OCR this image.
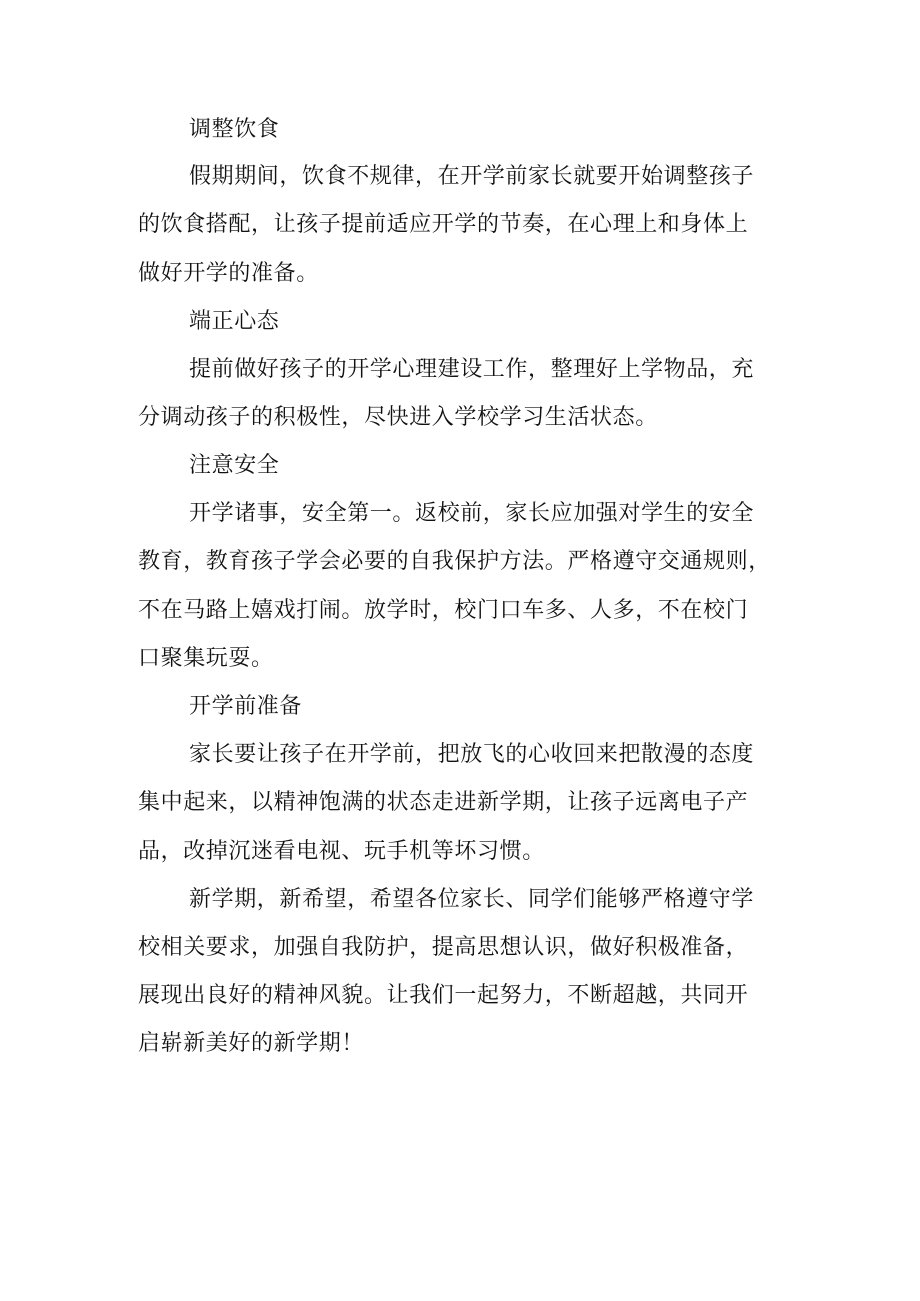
调整饮食
假期期间，饮食不规律，在开学前家长就要开始调整孩子
的饮食搭配，让孩子提前适应开学的节奏，在心理上和身体上
做好开学的准备。
端正心态
提前做好孩子的开学心理建设工作，整理好上学物品，充
分调动孩子的积极性，尽快进入学校学习生活状态。
注意安全
开学诸事，安全第一。返校前，家长应加强对学生的安全
教育，教育孩子学会必要的自我保护方法。严格遵守交通规则，
不在马路上嬉戏打闹。放学时，校门口车多、人多，不在校门
口聚集玩耍。
开学前准备
家长要让孩子在开学前，把放飞的心收回来把散漫的态度
集中起来，以精神饱满的状态走进新学期，让孩子远离电子产
品，改掉沉迷看电视、玩手机等坏习惯。
新学期，新希望，希望各位家长、同学们能够严格遵守学
校相关要求，加强自我防护，提高思想认识，做好积极准备，
展现出良好的精神风貌。让我们一起努力，不断超越，共同开
启崭新美好的新学期！
